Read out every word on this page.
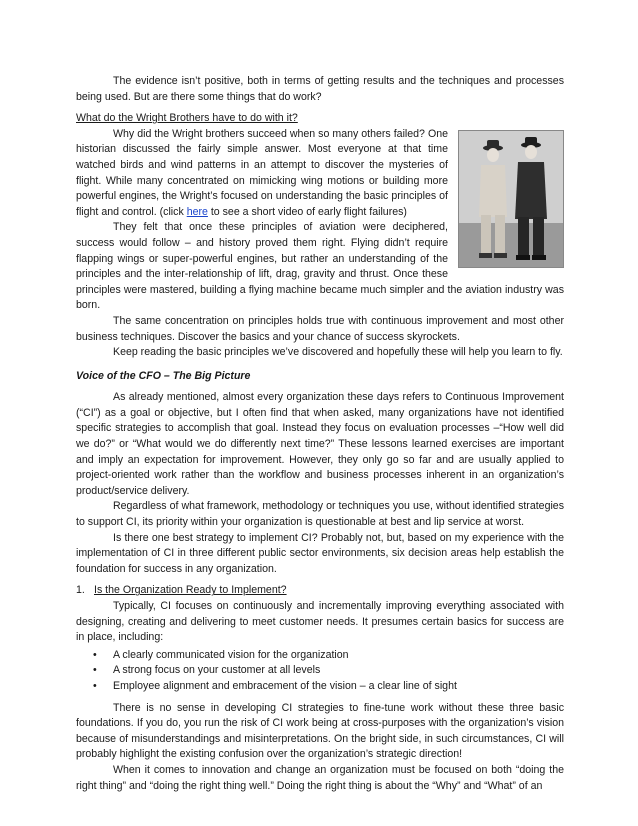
The evidence isn’t positive, both in terms of getting results and the techniques and processes being used. But are there some things that do work?

What do the Wright Brothers have to do with it?

Why did the Wright brothers succeed when so many others failed? One historian discussed the fairly simple answer. Most everyone at that time watched birds and wind patterns in an attempt to discover the mysteries of flight. While many concentrated on mimicking wing motions or building more powerful engines, the Wright’s focused on understanding the basic principles of flight and control. (click here to see a short video of early flight failures)

They felt that once these principles of aviation were deciphered, success would follow – and history proved them right. Flying didn’t require flapping wings or super-powerful engines, but rather an understanding of the principles and the inter-relationship of lift, drag, gravity and thrust. Once these principles were mastered, building a flying machine became much simpler and the aviation industry was born.

The same concentration on principles holds true with continuous improvement and most other business techniques. Discover the basics and your chance of success skyrockets.

Keep reading the basic principles we’ve discovered and hopefully these will help you learn to fly.

Voice of the CFO – The Big Picture

As already mentioned, almost every organization these days refers to Continuous Improvement (“CI”) as a goal or objective, but I often find that when asked, many organizations have not identified specific strategies to accomplish that goal. Instead they focus on evaluation processes –“How well did we do?” or “What would we do differently next time?” These lessons learned exercises are important and imply an expectation for improvement. However, they only go so far and are usually applied to project-oriented work rather than the workflow and business processes inherent in an organization’s product/service delivery.

Regardless of what framework, methodology or techniques you use, without identified strategies to support CI, its priority within your organization is questionable at best and lip service at worst.

Is there one best strategy to implement CI? Probably not, but, based on my experience with the implementation of CI in three different public sector environments, six decision areas help establish the foundation for success in any organization.

1. Is the Organization Ready to Implement?

Typically, CI focuses on continuously and incrementally improving everything associated with designing, creating and delivering to meet customer needs. It presumes certain basics for success are in place, including:

• A clearly communicated vision for the organization
• A strong focus on your customer at all levels
• Employee alignment and embracement of the vision – a clear line of sight

There is no sense in developing CI strategies to fine-tune work without these three basic foundations. If you do, you run the risk of CI work being at cross-purposes with the organization’s vision because of misunderstandings and misinterpretations. On the bright side, in such circumstances, CI will probably highlight the existing confusion over the organization’s strategic direction!

When it comes to innovation and change an organization must be focused on both “doing the right thing” and “doing the right thing well.” Doing the right thing is about the “Why” and “What” of an
